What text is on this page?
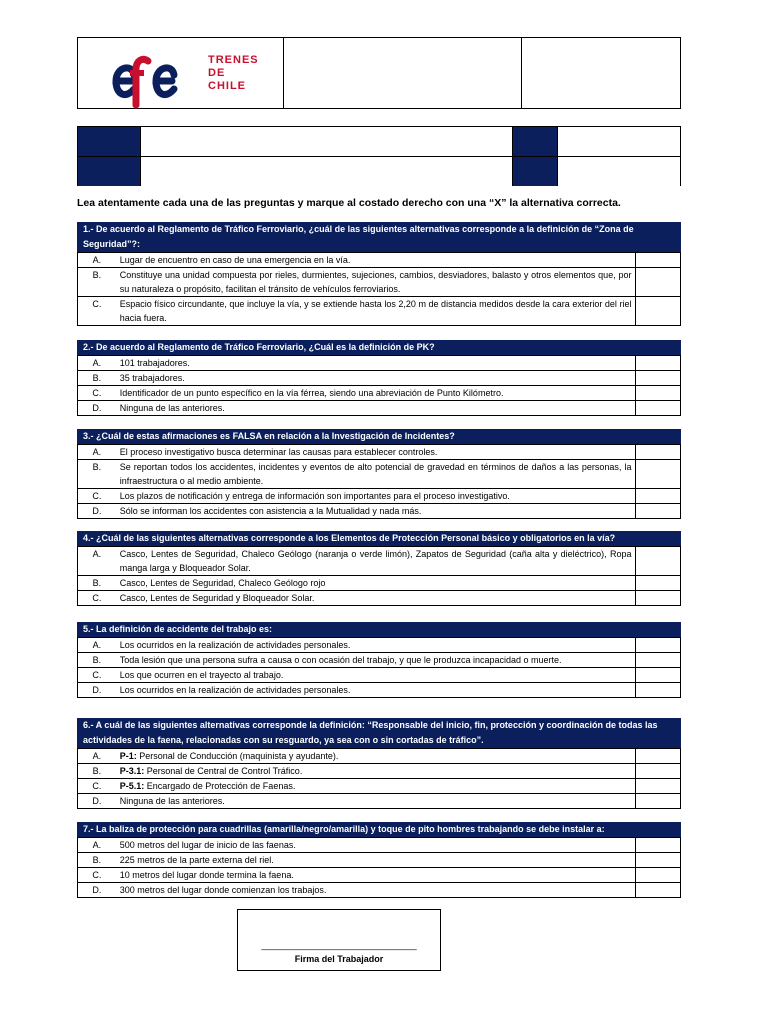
TRENES
DE
CHILE
Lea atentamente cada una de las preguntas y marque al costado derecho con una “X” la alternativa correcta.
1.- De acuerdo al Reglamento de Tráfico Ferroviario, ¿cuál de las siguientes alternativas corresponde a la definición de “Zona de Seguridad”?:
A.	Lugar de encuentro en caso de una emergencia en la vía.	
B.	Constituye una unidad compuesta por rieles, durmientes, sujeciones, cambios, desviadores, balasto y otros elementos que, por su naturaleza o propósito, facilitan el tránsito de vehículos ferroviarios.	
C.	Espacio físico circundante, que incluye la vía, y se extiende hasta los 2,20 m de distancia medidos desde la cara exterior del riel hacia fuera.	
2.- De acuerdo al Reglamento de Tráfico Ferroviario, ¿Cuál es la definición de PK?
A.	101 trabajadores.	
B.	35 trabajadores.	
C.	Identificador de un punto específico en la vía férrea, siendo una abreviación de Punto Kilómetro.	
D.	Ninguna de las anteriores.	
3.- ¿Cuál de estas afirmaciones es FALSA en relación a la Investigación de Incidentes?
A.	El proceso investigativo busca determinar las causas para establecer controles.	
B.	Se reportan todos los accidentes, incidentes y eventos de alto potencial de gravedad en términos de daños a las personas, la infraestructura o al medio ambiente.	
C.	Los plazos de notificación y entrega de información son importantes para el proceso investigativo.	
D.	Sólo se informan los accidentes con asistencia a la Mutualidad y nada más.	
4.- ¿Cuál de las siguientes alternativas corresponde a los Elementos de Protección Personal básico y obligatorios en la vía?
A.	Casco, Lentes de Seguridad, Chaleco Geólogo (naranja o verde limón), Zapatos de Seguridad (caña alta y dieléctrico), Ropa manga larga y Bloqueador Solar.	
B.	Casco, Lentes de Seguridad, Chaleco Geólogo rojo	
C.	Casco, Lentes de Seguridad y Bloqueador Solar.	
5.- La definición de accidente del trabajo es:
A.	Los ocurridos en la realización de actividades personales.	
B.	Toda lesión que una persona sufra a causa o con ocasión del trabajo, y que le produzca incapacidad o muerte.	
C.	Los que ocurren en el trayecto al trabajo.	
D.	Los ocurridos en la realización de actividades personales.	
6.- A cuál de las siguientes alternativas corresponde la definición: “Responsable del inicio, fin, protección y coordinación de todas las actividades de la faena, relacionadas con su resguardo, ya sea con o sin cortadas de tráfico”.
A.	P-1: Personal de Conducción (maquinista y ayudante).	
B.	P-3.1: Personal de Central de Control Tráfico.	
C.	P-5.1: Encargado de Protección de Faenas.	
D.	Ninguna de las anteriores.	
7.- La baliza de protección para cuadrillas (amarilla/negro/amarilla) y toque de pito hombres trabajando se debe instalar a:
A.	500 metros del lugar de inicio de las faenas.	
B.	225 metros de la parte externa del riel.	
C.	10 metros del lugar donde termina la faena.	
D.	300 metros del lugar donde comienzan los trabajos.	
_______________________________
Firma del Trabajador
